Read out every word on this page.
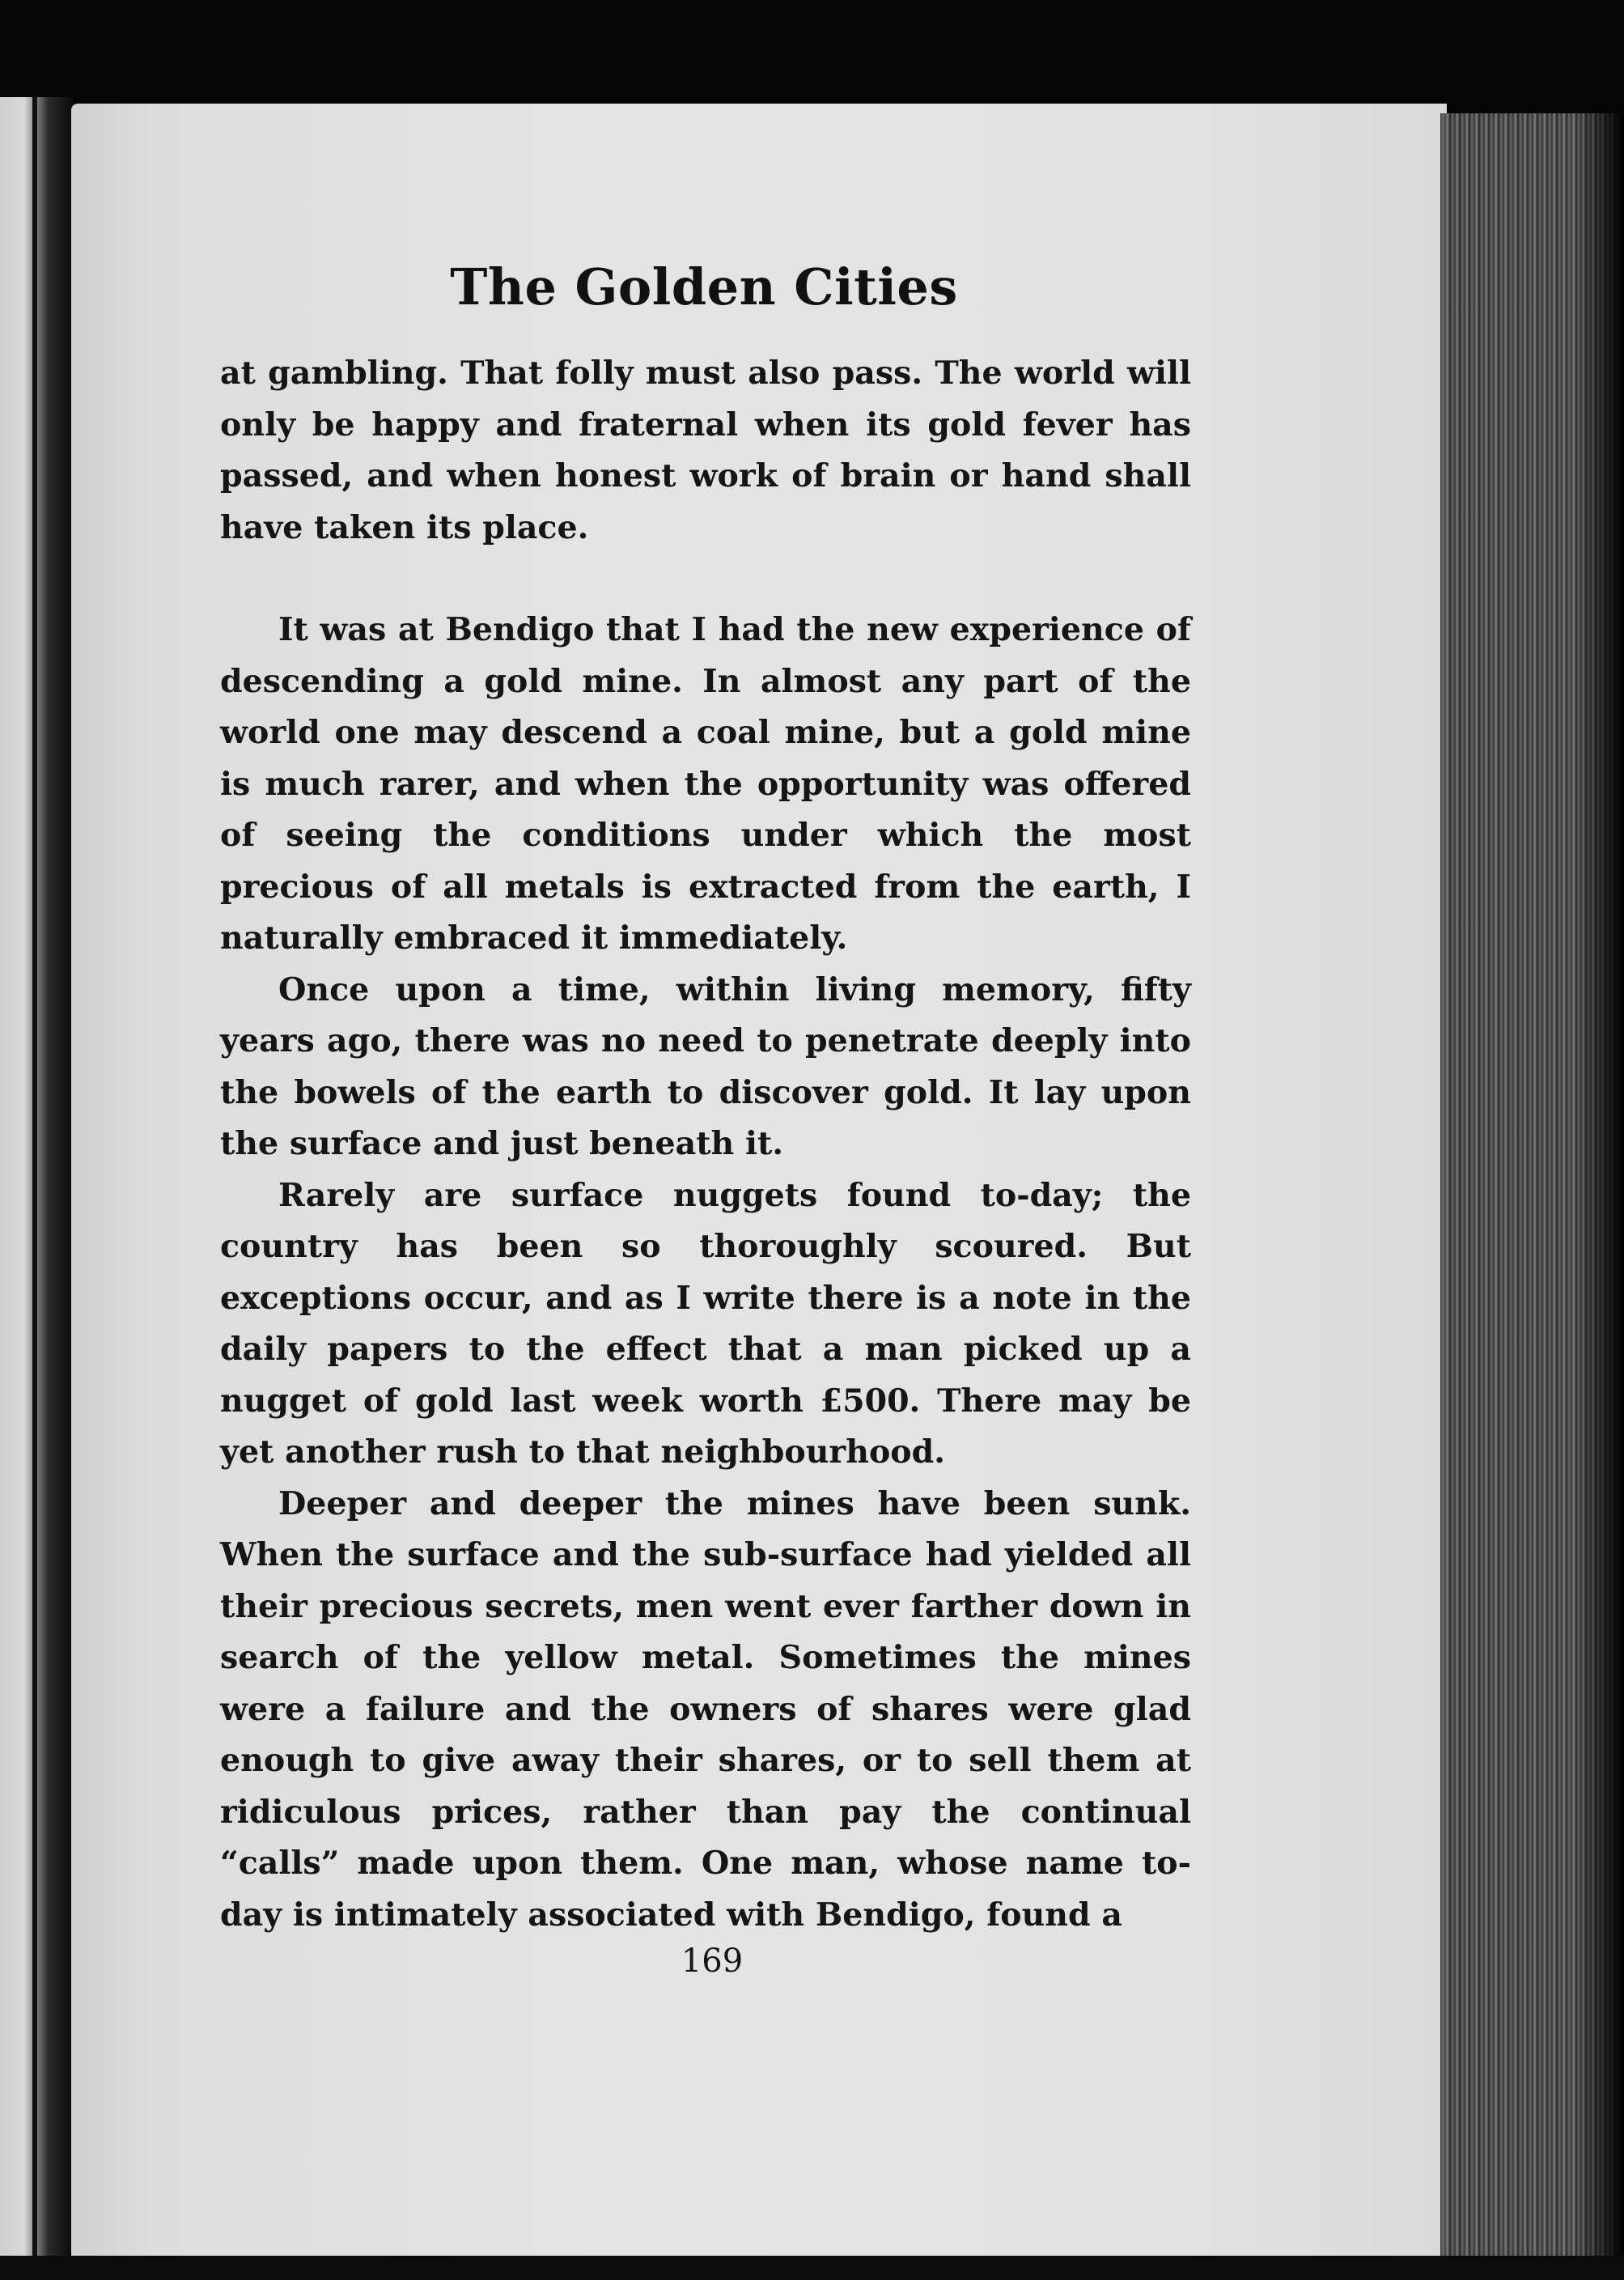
The Golden Cities

at gambling. That folly must also pass. The world will only be happy and fraternal when its gold fever has passed, and when honest work of brain or hand shall have taken its place.

It was at Bendigo that I had the new experience of descending a gold mine. In almost any part of the world one may descend a coal mine, but a gold mine is much rarer, and when the opportunity was offered of seeing the conditions under which the most precious of all metals is extracted from the earth, I naturally embraced it immediately.

Once upon a time, within living memory, fifty years ago, there was no need to penetrate deeply into the bowels of the earth to discover gold. It lay upon the surface and just beneath it.

Rarely are surface nuggets found to-day; the country has been so thoroughly scoured. But exceptions occur, and as I write there is a note in the daily papers to the effect that a man picked up a nugget of gold last week worth £500. There may be yet another rush to that neighbourhood.

Deeper and deeper the mines have been sunk. When the surface and the sub-surface had yielded all their precious secrets, men went ever farther down in search of the yellow metal. Sometimes the mines were a failure and the owners of shares were glad enough to give away their shares, or to sell them at ridiculous prices, rather than pay the continual “calls” made upon them. One man, whose name to-day is intimately associated with Bendigo, found a

169
